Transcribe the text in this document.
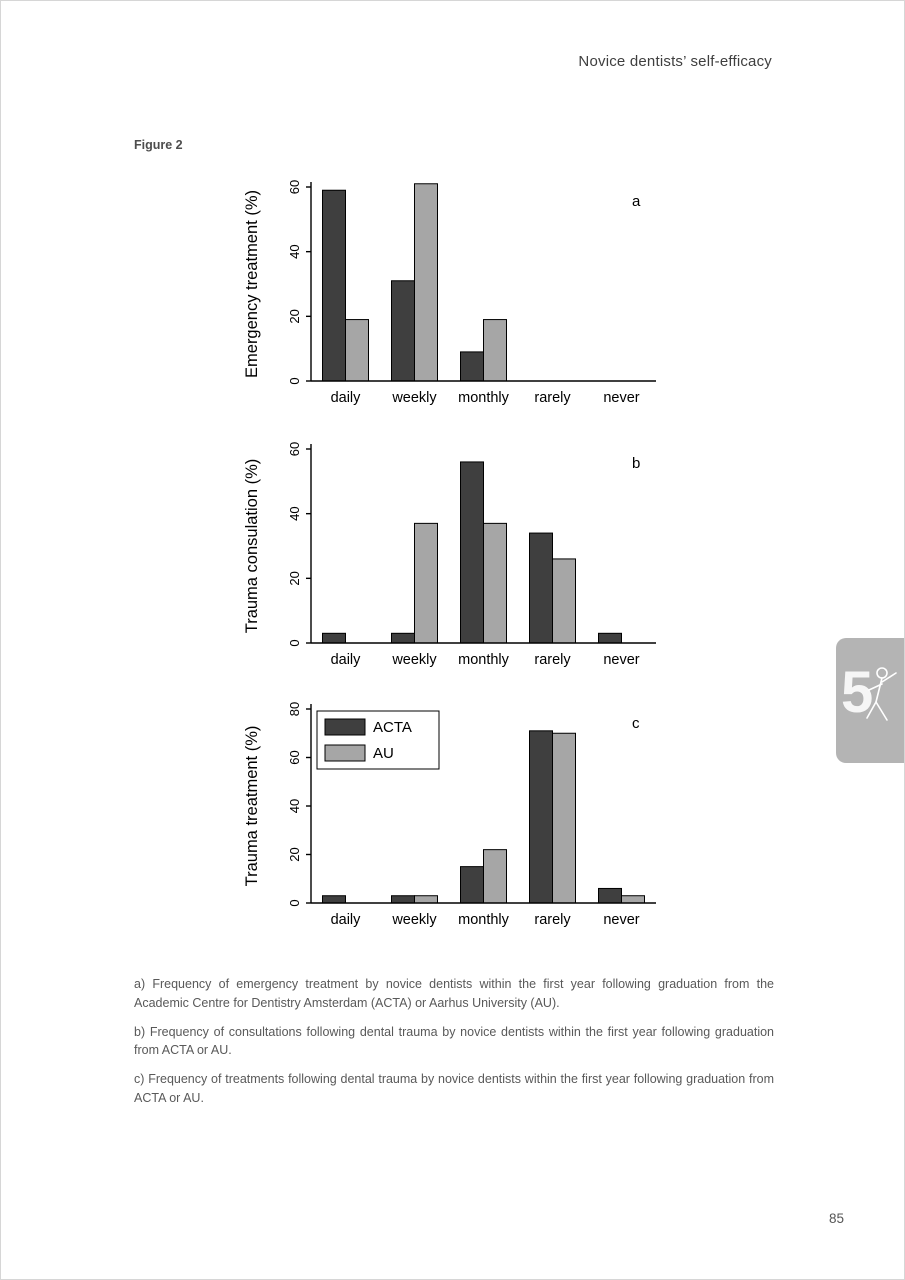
Novice dentists’ self-efficacy
Figure 2
daily weekly monthly rarely never
0
20
40
60
Emergency treatment (%)	a
daily weekly monthly rarely never
0
20
40
60
Trauma consulation (%)	b
daily weekly monthly rarely never
0
20
40
60
80
Trauma treatment (%)
c
ACTA
AU

a) Frequency of emergency treatment by novice dentists within the first year following graduation from the Academic Centre for Dentistry Amsterdam (ACTA) or Aarhus University (AU).

b) Frequency of consultations following dental trauma by novice dentists within the first year following graduation from ACTA or AU.

c) Frequency of treatments following dental trauma by novice dentists within the first year following graduation from ACTA or AU.

5
85
